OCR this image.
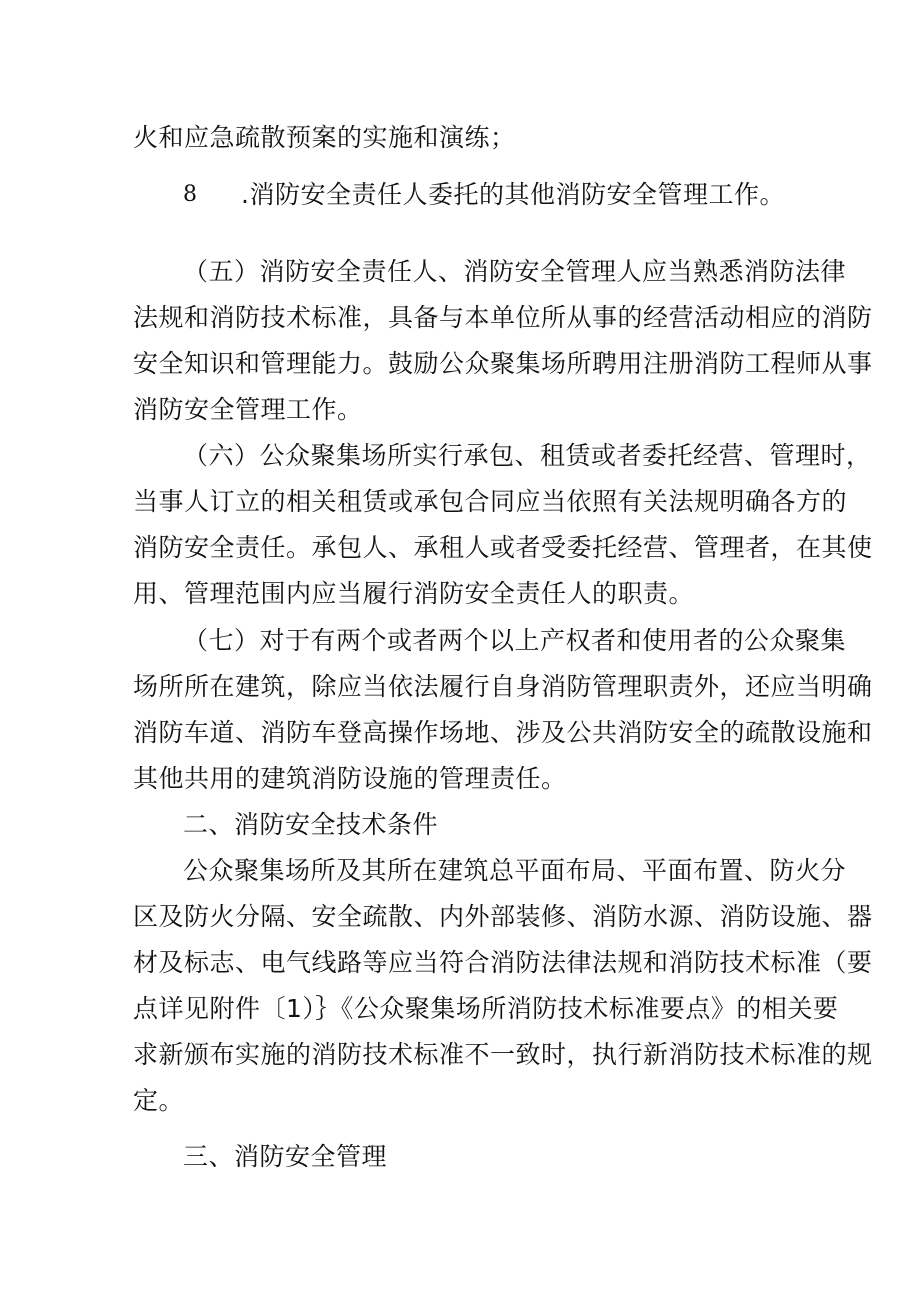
火和应急疏散预案的实施和演练；
8 .消防安全责任人委托的其他消防安全管理工作。
（五）消防安全责任人、消防安全管理人应当熟悉消防法律
法规和消防技术标准，具备与本单位所从事的经营活动相应的消防
安全知识和管理能力。鼓励公众聚集场所聘用注册消防工程师从事
消防安全管理工作。
（六）公众聚集场所实行承包、租赁或者委托经营、管理时，
当事人订立的相关租赁或承包合同应当依照有关法规明确各方的
消防安全责任。承包人、承租人或者受委托经营、管理者，在其使
用、管理范围内应当履行消防安全责任人的职责。
（七）对于有两个或者两个以上产权者和使用者的公众聚集
场所所在建筑，除应当依法履行自身消防管理职责外，还应当明确
消防车道、消防车登高操作场地、涉及公共消防安全的疏散设施和
其他共用的建筑消防设施的管理责任。
二、消防安全技术条件
公众聚集场所及其所在建筑总平面布局、平面布置、防火分
区及防火分隔、安全疏散、内外部装修、消防水源、消防设施、器
材及标志、电气线路等应当符合消防法律法规和消防技术标准（要
点详见附件〔1）｝《公众聚集场所消防技术标准要点》的相关要
求新颁布实施的消防技术标准不一致时，执行新消防技术标准的规
定。
三、消防安全管理
